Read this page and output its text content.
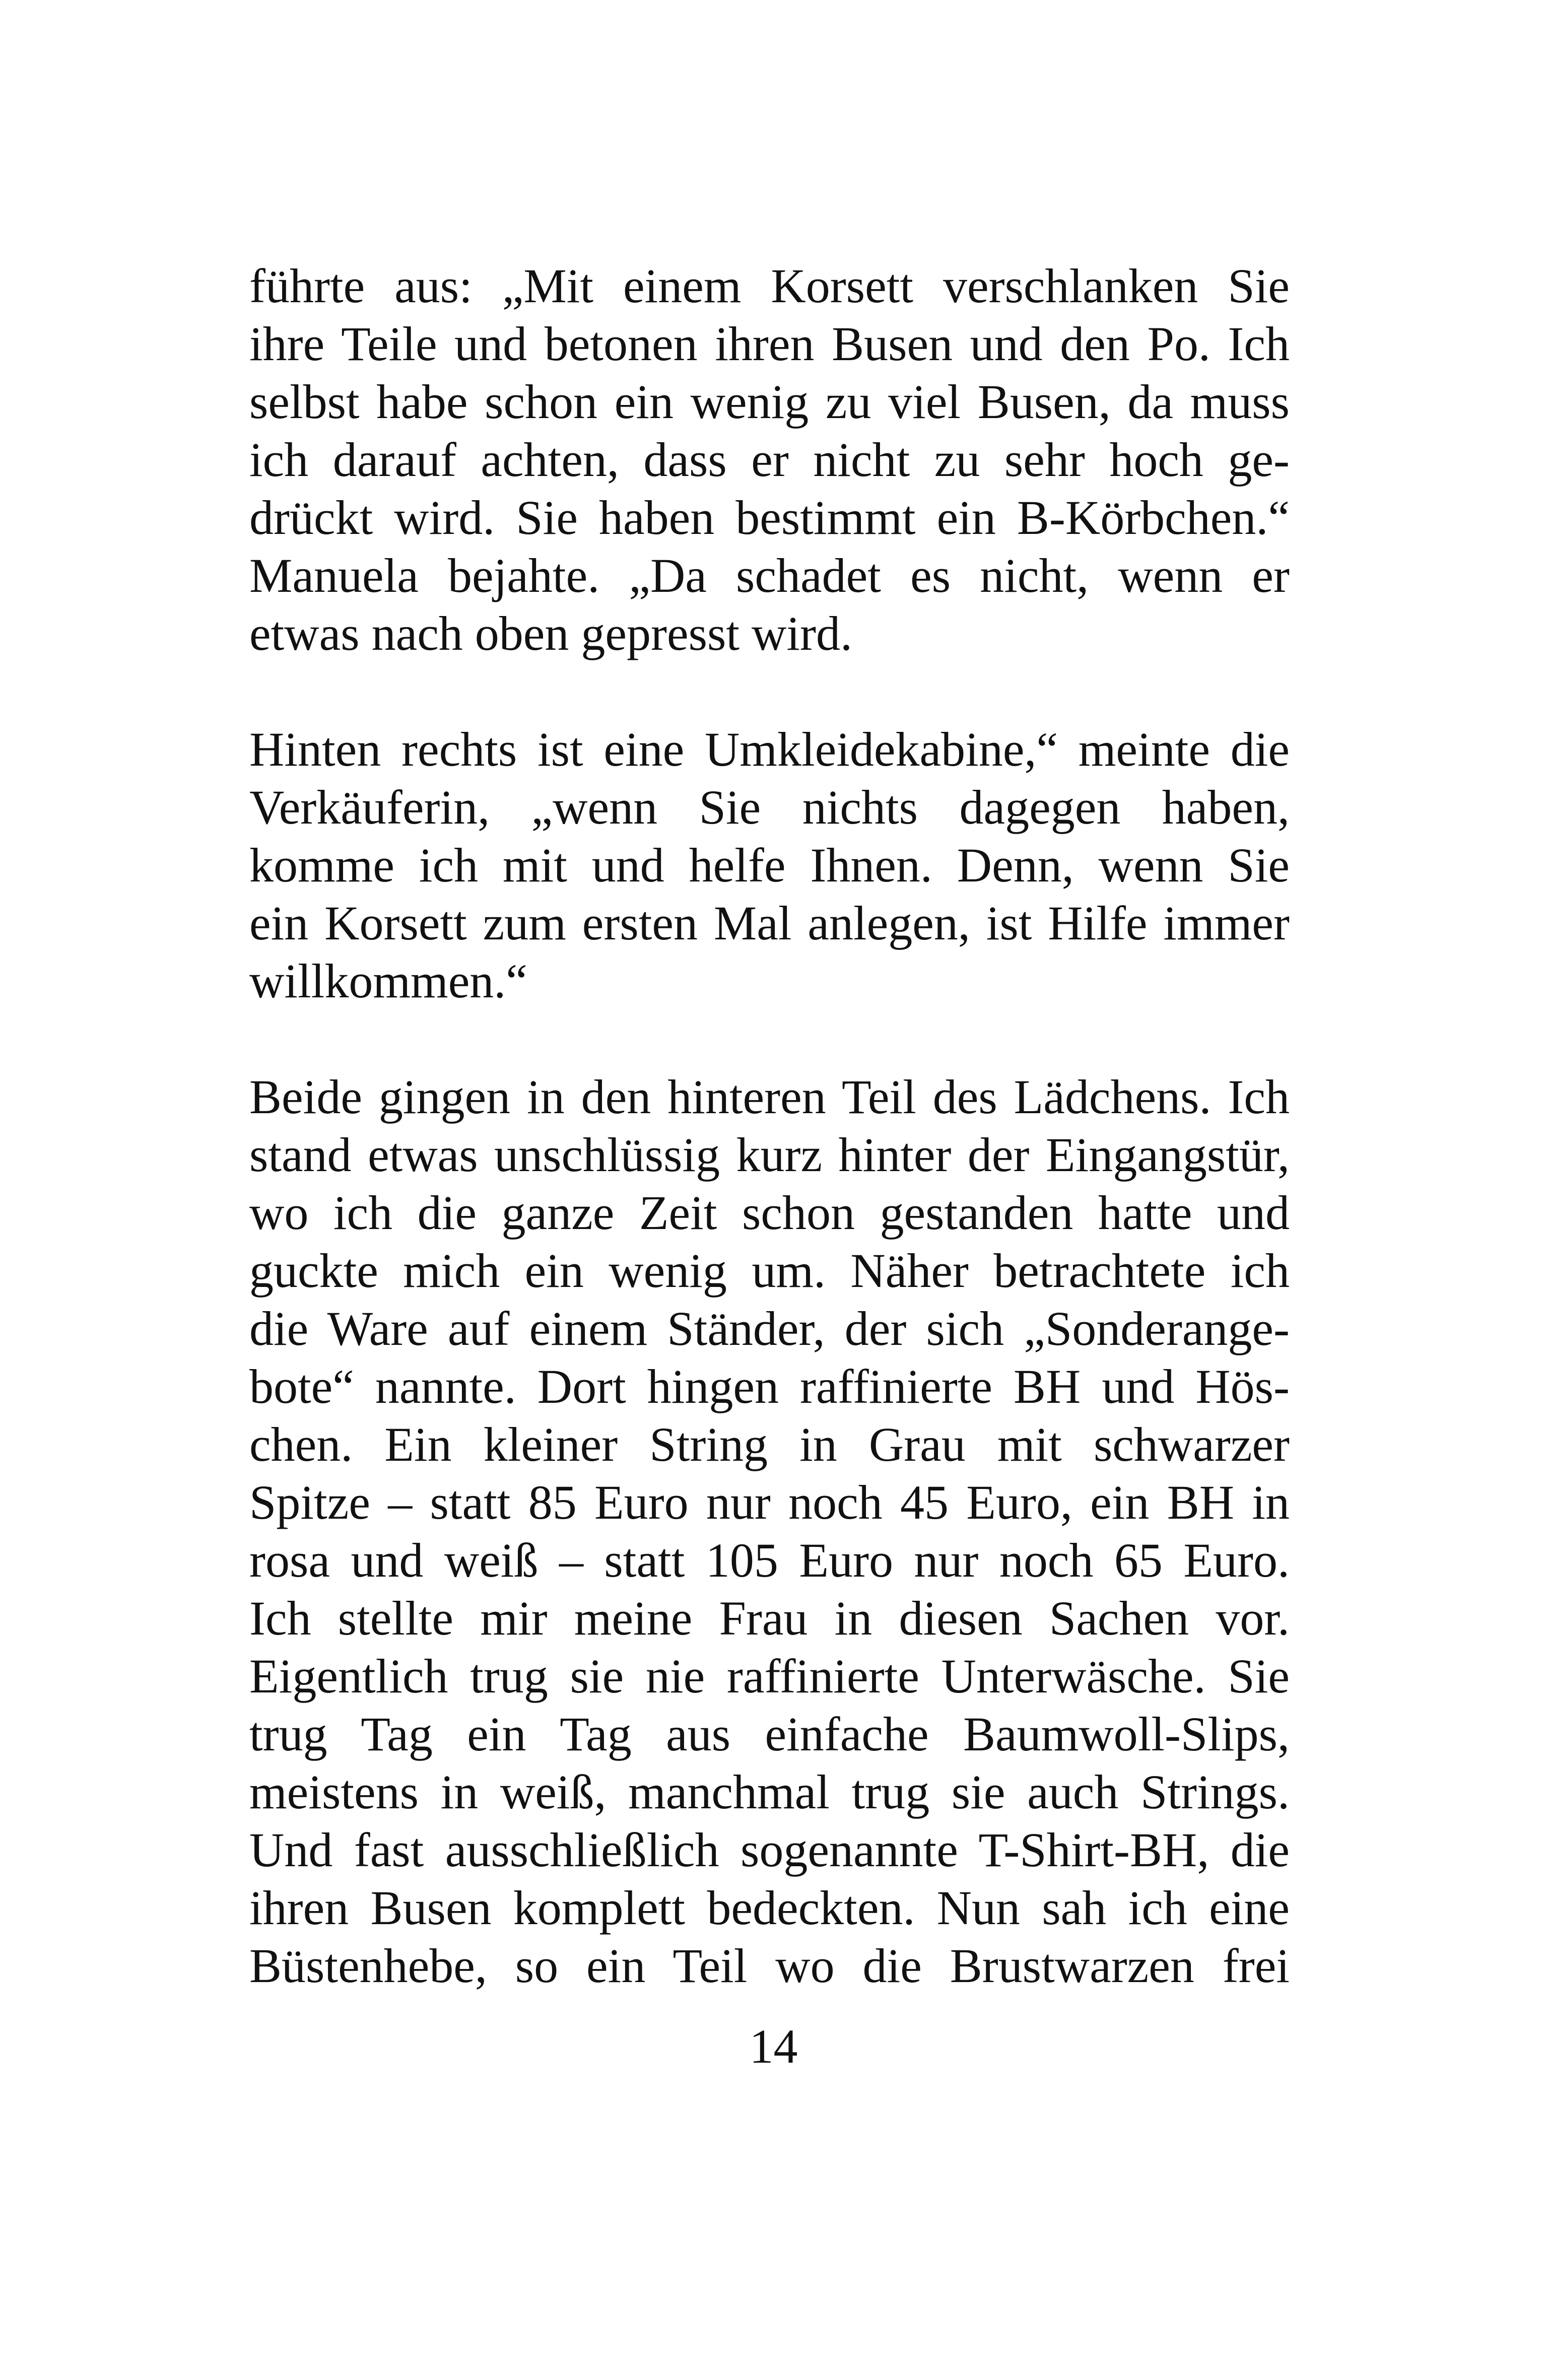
führte aus: „Mit einem Korsett verschlanken Sie
ihre Teile und betonen ihren Busen und den Po. Ich
selbst habe schon ein wenig zu viel Busen, da muss
ich darauf achten, dass er nicht zu sehr hoch ge-
drückt wird. Sie haben bestimmt ein B-Körbchen.“
Manuela bejahte. „Da schadet es nicht, wenn er
etwas nach oben gepresst wird.
Hinten rechts ist eine Umkleidekabine,“ meinte die
Verkäuferin, „wenn Sie nichts dagegen haben,
komme ich mit und helfe Ihnen. Denn, wenn Sie
ein Korsett zum ersten Mal anlegen, ist Hilfe immer
willkommen.“
Beide gingen in den hinteren Teil des Lädchens. Ich
stand etwas unschlüssig kurz hinter der Eingangstür,
wo ich die ganze Zeit schon gestanden hatte und
guckte mich ein wenig um. Näher betrachtete ich
die Ware auf einem Ständer, der sich „Sonderange-
bote“ nannte. Dort hingen raffinierte BH und Hös-
chen. Ein kleiner String in Grau mit schwarzer
Spitze – statt 85 Euro nur noch 45 Euro, ein BH in
rosa und weiß – statt 105 Euro nur noch 65 Euro.
Ich stellte mir meine Frau in diesen Sachen vor.
Eigentlich trug sie nie raffinierte Unterwäsche. Sie
trug Tag ein Tag aus einfache Baumwoll-Slips,
meistens in weiß, manchmal trug sie auch Strings.
Und fast ausschließlich sogenannte T-Shirt-BH, die
ihren Busen komplett bedeckten. Nun sah ich eine
Büstenhebe, so ein Teil wo die Brustwarzen frei
14
